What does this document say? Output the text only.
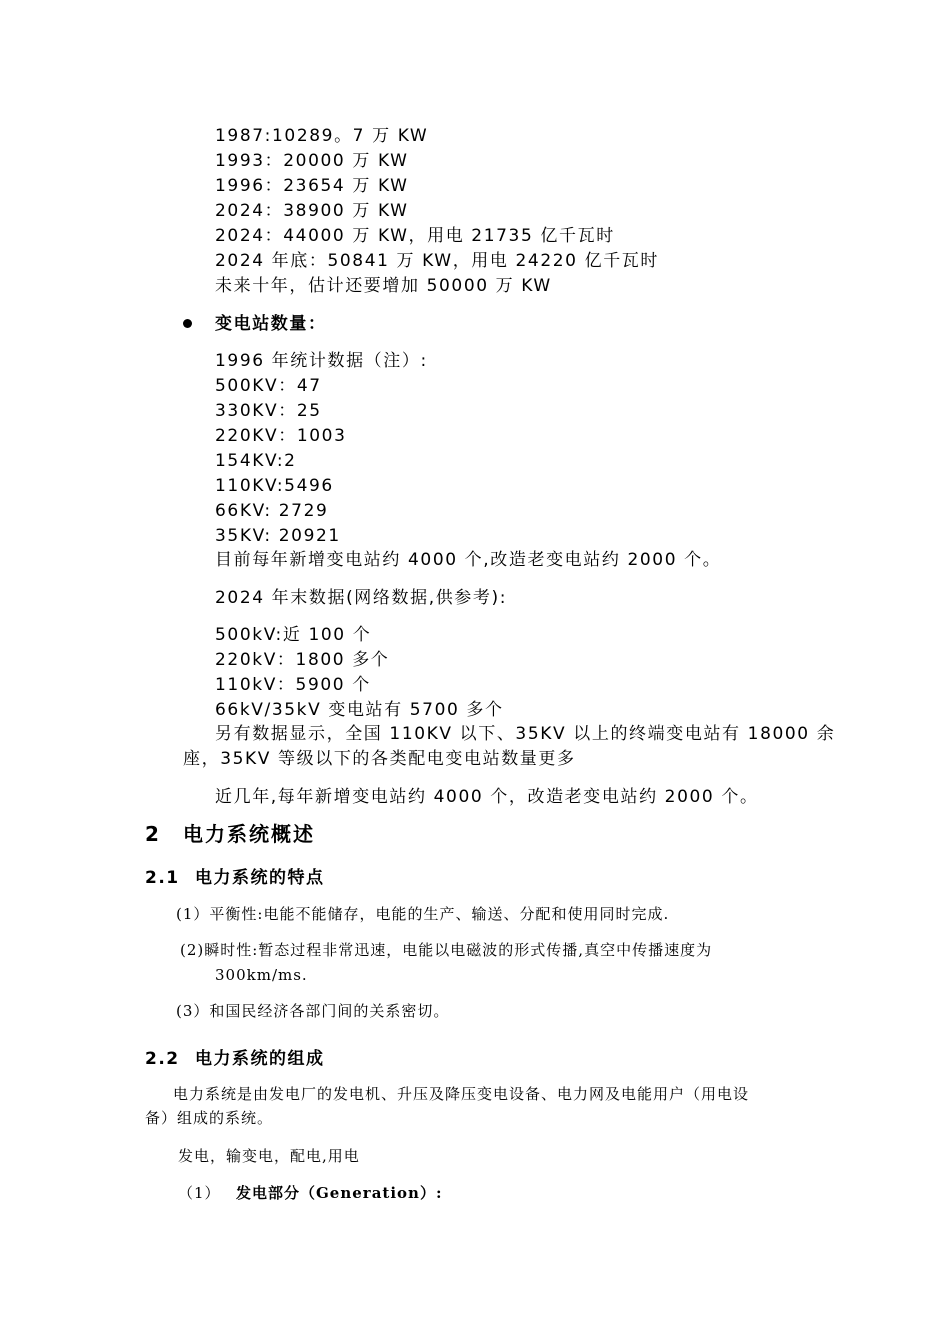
1987:10289。7 万 KW
1993：20000 万 KW
1996：23654 万 KW
2024：38900 万 KW
2024：44000 万 KW，用电 21735 亿千瓦时
2024 年底：50841 万 KW，用电 24220 亿千瓦时
未来十年，估计还要增加 50000 万 KW
变电站数量：
1996 年统计数据（注）:
500KV：47
330KV：25
220KV：1003
154KV:2
110KV:5496
66KV: 2729
35KV: 20921
目前每年新增变电站约 4000 个,改造老变电站约 2000 个。
2024 年末数据(网络数据,供参考):
500kV:近 100 个
220kV：1800 多个
110kV：5900 个
66kV/35kV 变电站有 5700 多个
另有数据显示，全国 110KV 以下、35KV 以上的终端变电站有 18000 余
座，35KV 等级以下的各类配电变电站数量更多
近几年,每年新增变电站约 4000 个，改造老变电站约 2000 个。
2 电力系统概述
2.1 电力系统的特点
(1）平衡性:电能不能储存，电能的生产、输送、分配和使用同时完成.
(2)瞬时性:暂态过程非常迅速，电能以电磁波的形式传播,真空中传播速度为
300km/ms.
(3）和国民经济各部门间的关系密切。
2.2 电力系统的组成
电力系统是由发电厂的发电机、升压及降压变电设备、电力网及电能用户（用电设
备）组成的系统。
发电，输变电，配电,用电
（1） 发电部分（Generation）:
